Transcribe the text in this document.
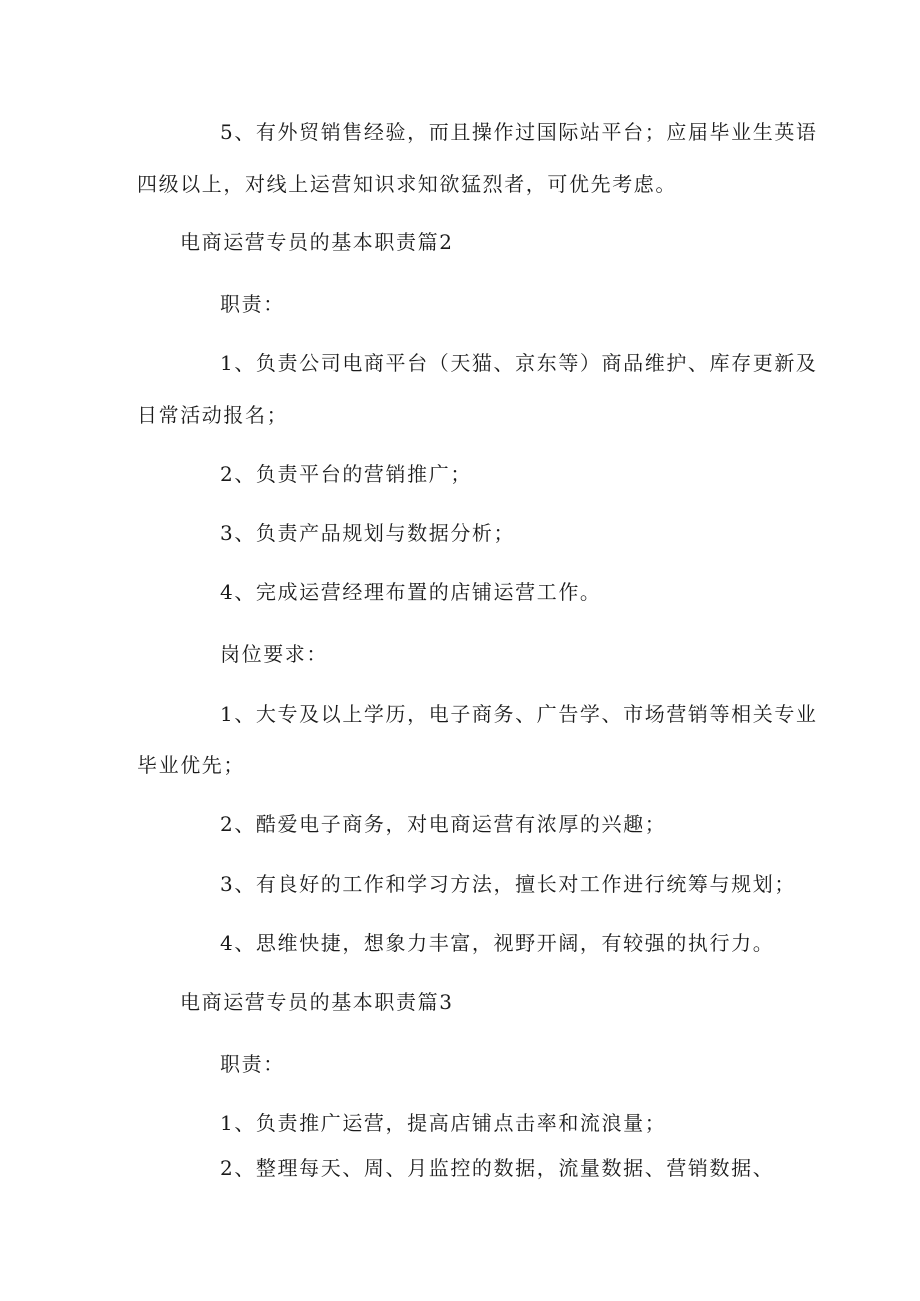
5、有外贸销售经验，而且操作过国际站平台；应届毕业生英语
四级以上，对线上运营知识求知欲猛烈者，可优先考虑。
电商运营专员的基本职责篇2
职责：
1、负责公司电商平台（天猫、京东等）商品维护、库存更新及
日常活动报名；
2、负责平台的营销推广；
3、负责产品规划与数据分析；
4、完成运营经理布置的店铺运营工作。
岗位要求：
1、大专及以上学历，电子商务、广告学、市场营销等相关专业
毕业优先；
2、酷爱电子商务，对电商运营有浓厚的兴趣；
3、有良好的工作和学习方法，擅长对工作进行统筹与规划；
4、思维快捷，想象力丰富，视野开阔，有较强的执行力。
电商运营专员的基本职责篇3
职责：
1、负责推广运营，提高店铺点击率和流浪量；
2、整理每天、周、月监控的数据，流量数据、营销数据、
